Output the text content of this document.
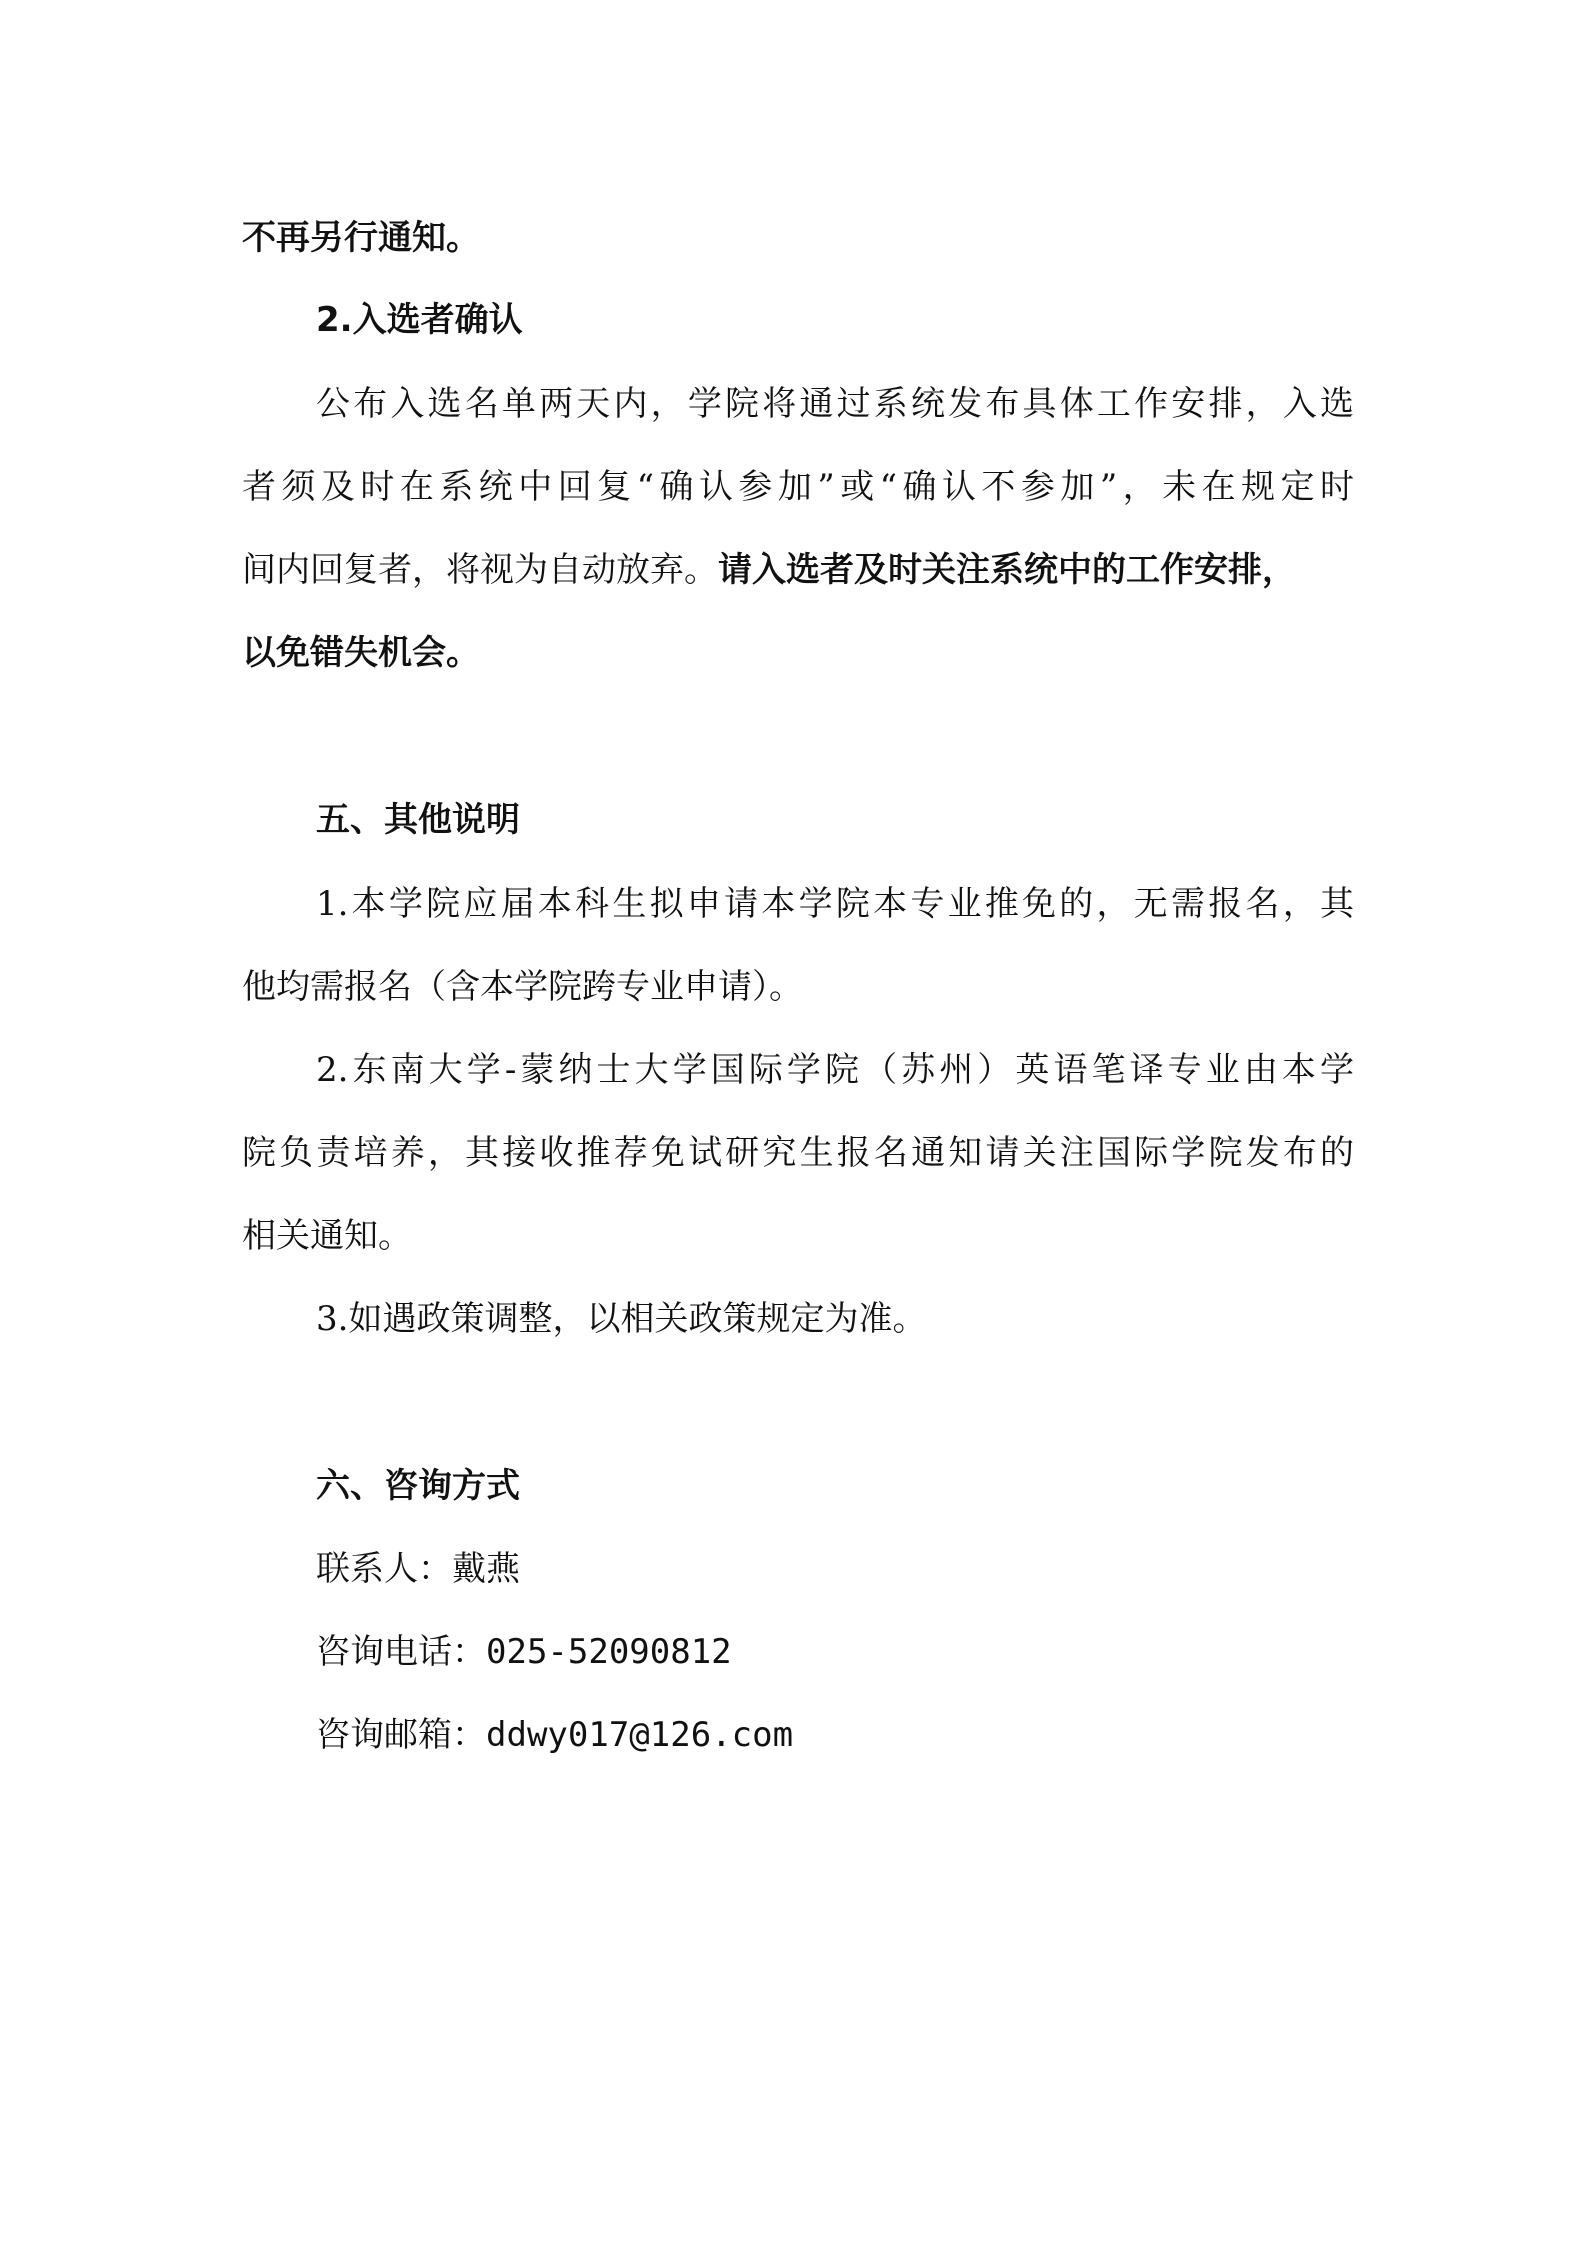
不再另行通知。
2.入选者确认
公布入选名单两天内，学院将通过系统发布具体工作安排，入选
者须及时在系统中回复“确认参加”或“确认不参加”，未在规定时
间内回复者，将视为自动放弃。请入选者及时关注系统中的工作安排，
以免错失机会。
五、其他说明
1.本学院应届本科生拟申请本学院本专业推免的，无需报名，其
他均需报名（含本学院跨专业申请）。
2.东南大学-蒙纳士大学国际学院（苏州）英语笔译专业由本学
院负责培养，其接收推荐免试研究生报名通知请关注国际学院发布的
相关通知。
3.如遇政策调整，以相关政策规定为准。
六、咨询方式
联系人：戴燕
咨询电话：025-52090812
咨询邮箱：ddwy017@126.com
